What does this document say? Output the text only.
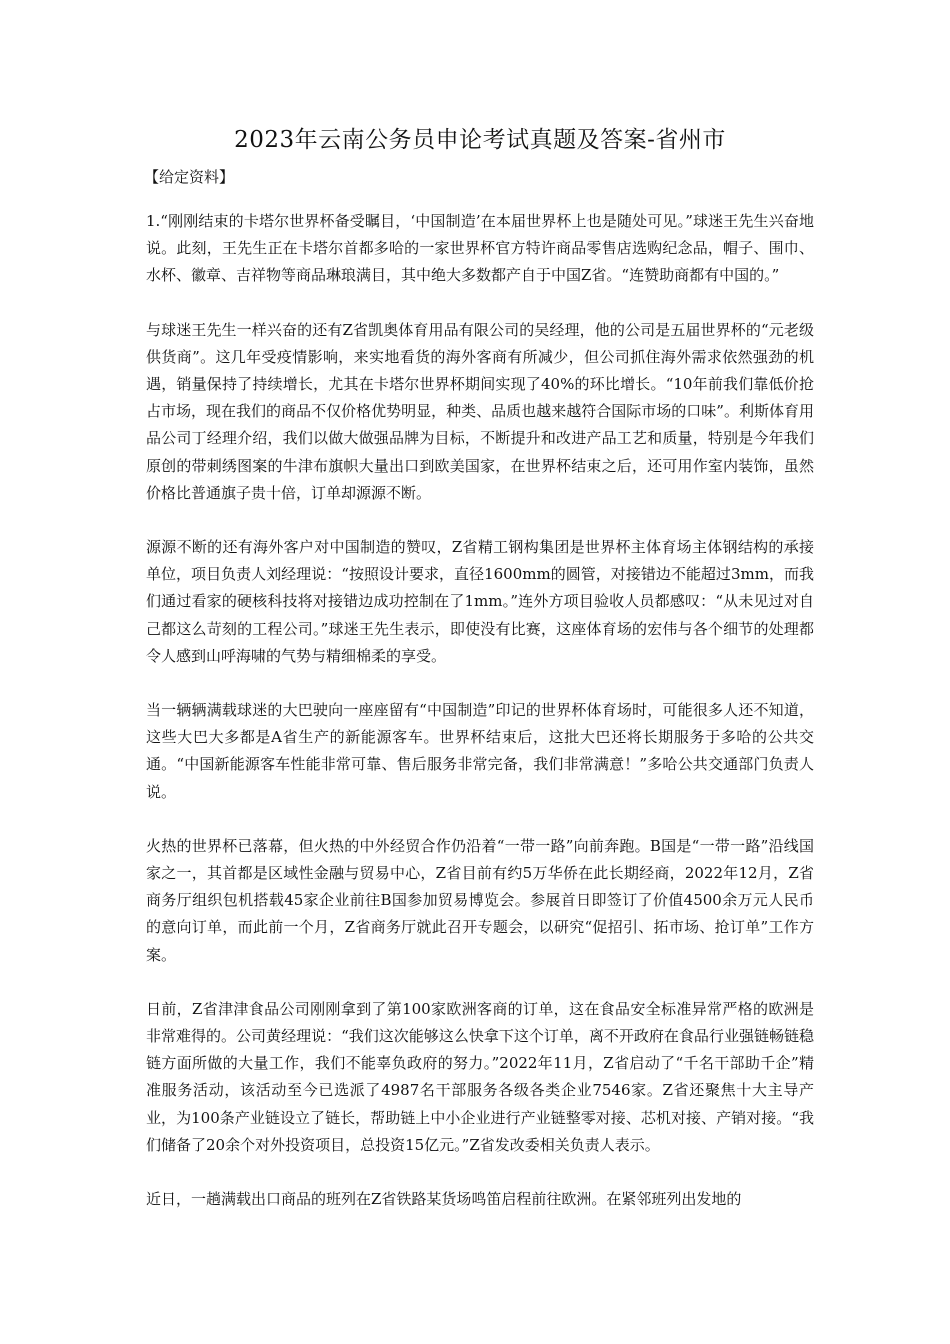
2023年云南公务员申论考试真题及答案-省州市
【给定资料】

1.“刚刚结束的卡塔尔世界杯备受瞩目，‘中国制造’在本届世界杯上也是随处可见。”球迷王先生兴奋地说。此刻，王先生正在卡塔尔首都多哈的一家世界杯官方特许商品零售店选购纪念品，帽子、围巾、水杯、徽章、吉祥物等商品琳琅满目，其中绝大多数都产自于中国Z省。“连赞助商都有中国的。”

与球迷王先生一样兴奋的还有Z省凯奥体育用品有限公司的吴经理，他的公司是五届世界杯的“元老级供货商”。这几年受疫情影响，来实地看货的海外客商有所减少，但公司抓住海外需求依然强劲的机遇，销量保持了持续增长，尤其在卡塔尔世界杯期间实现了40%的环比增长。“10年前我们靠低价抢占市场，现在我们的商品不仅价格优势明显，种类、品质也越来越符合国际市场的口味”。利斯体育用品公司丁经理介绍，我们以做大做强品牌为目标，不断提升和改进产品工艺和质量，特别是今年我们原创的带刺绣图案的牛津布旗帜大量出口到欧美国家，在世界杯结束之后，还可用作室内装饰，虽然价格比普通旗子贵十倍，订单却源源不断。

源源不断的还有海外客户对中国制造的赞叹，Z省精工钢构集团是世界杯主体育场主体钢结构的承接单位，项目负责人刘经理说：“按照设计要求，直径1600mm的圆管，对接错边不能超过3mm，而我们通过看家的硬核科技将对接错边成功控制在了1mm。”连外方项目验收人员都感叹：“从未见过对自己都这么苛刻的工程公司。”球迷王先生表示，即使没有比赛，这座体育场的宏伟与各个细节的处理都令人感到山呼海啸的气势与精细棉柔的享受。

当一辆辆满载球迷的大巴驶向一座座留有“中国制造”印记的世界杯体育场时，可能很多人还不知道，这些大巴大多都是A省生产的新能源客车。世界杯结束后，这批大巴还将长期服务于多哈的公共交通。“中国新能源客车性能非常可靠、售后服务非常完备，我们非常满意！”多哈公共交通部门负责人说。

火热的世界杯已落幕，但火热的中外经贸合作仍沿着“一带一路”向前奔跑。B国是“一带一路”沿线国家之一，其首都是区域性金融与贸易中心，Z省目前有约5万华侨在此长期经商，2022年12月，Z省商务厅组织包机搭载45家企业前往B国参加贸易博览会。参展首日即签订了价值4500余万元人民币的意向订单，而此前一个月，Z省商务厅就此召开专题会，以研究“促招引、拓市场、抢订单”工作方案。

日前，Z省津津食品公司刚刚拿到了第100家欧洲客商的订单，这在食品安全标准异常严格的欧洲是非常难得的。公司黄经理说：“我们这次能够这么快拿下这个订单，离不开政府在食品行业强链畅链稳链方面所做的大量工作，我们不能辜负政府的努力。”2022年11月，Z省启动了“千名干部助千企”精准服务活动，该活动至今已选派了4987名干部服务各级各类企业7546家。Z省还聚焦十大主导产业，为100条产业链设立了链长，帮助链上中小企业进行产业链整零对接、芯机对接、产销对接。“我们储备了20余个对外投资项目，总投资15亿元。”Z省发改委相关负责人表示。

近日，一趟满载出口商品的班列在Z省铁路某货场鸣笛启程前往欧洲。在紧邻班列出发地的
